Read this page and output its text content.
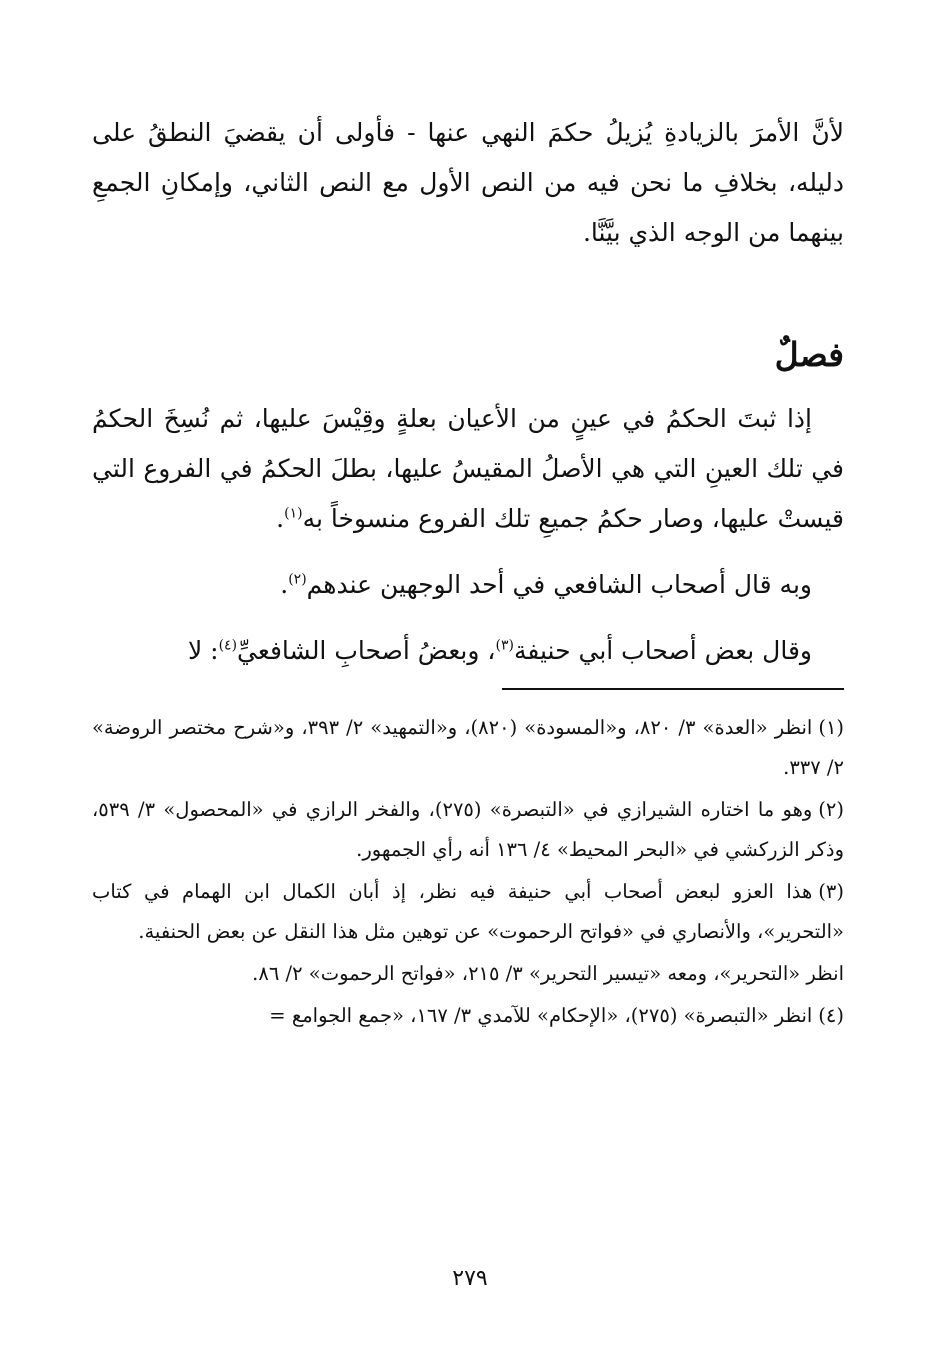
لأنَّ الأمرَ بالزيادةِ يُزيلُ حكمَ النهي عنها - فأولى أن يقضيَ النطقُ على دليله، بخلافِ ما نحن فيه من النص الأول مع النص الثاني، وإمكانِ الجمعِ بينهما من الوجه الذي بيَّنَّا.

فصلٌ

إذا ثبتَ الحكمُ في عينٍ من الأعيان بعلةٍ وقِيْسَ عليها، ثم نُسِخَ الحكمُ في تلك العينِ التي هي الأصلُ المقيسُ عليها، بطلَ الحكمُ في الفروع التي قيستْ عليها، وصار حكمُ جميعِ تلك الفروع منسوخاً به$^{(١)}$.

وبه قال أصحاب الشافعي في أحد الوجهين عندهم$^{(٢)}$.

وقال بعض أصحاب أبي حنيفة$^{(٣)}$، وبعضُ أصحابِ الشافعيِّ$^{(٤)}$: لا

(١)انظر «العدة» ٣/ ٨٢٠، و«المسودة» (٨٢٠)، و«التمهيد» ٢/ ٣٩٣، و«شرح مختصر الروضة» ٢/ ٣٣٧.

(٢)وهو ما اختاره الشيرازي في «التبصرة» (٢٧٥)، والفخر الرازي في «المحصول» ٣/ ٥٣٩، وذكر الزركشي في «البحر المحيط» ٤/ ١٣٦ أنه رأي الجمهور.

(٣)هذا العزو لبعض أصحاب أبي حنيفة فيه نظر، إذ أبان الكمال ابن الهمام في كتاب «التحرير»، والأنصاري في «فواتح الرحموت» عن توهين مثل هذا النقل عن بعض الحنفية.

انظر «التحرير»، ومعه «تيسير التحرير» ٣/ ٢١٥، «فواتح الرحموت» ٢/ ٨٦.

(٤)انظر «التبصرة» (٢٧٥)، «الإحكام» للآمدي ٣/ ١٦٧، «جمع الجوامع =

٢٧٩
